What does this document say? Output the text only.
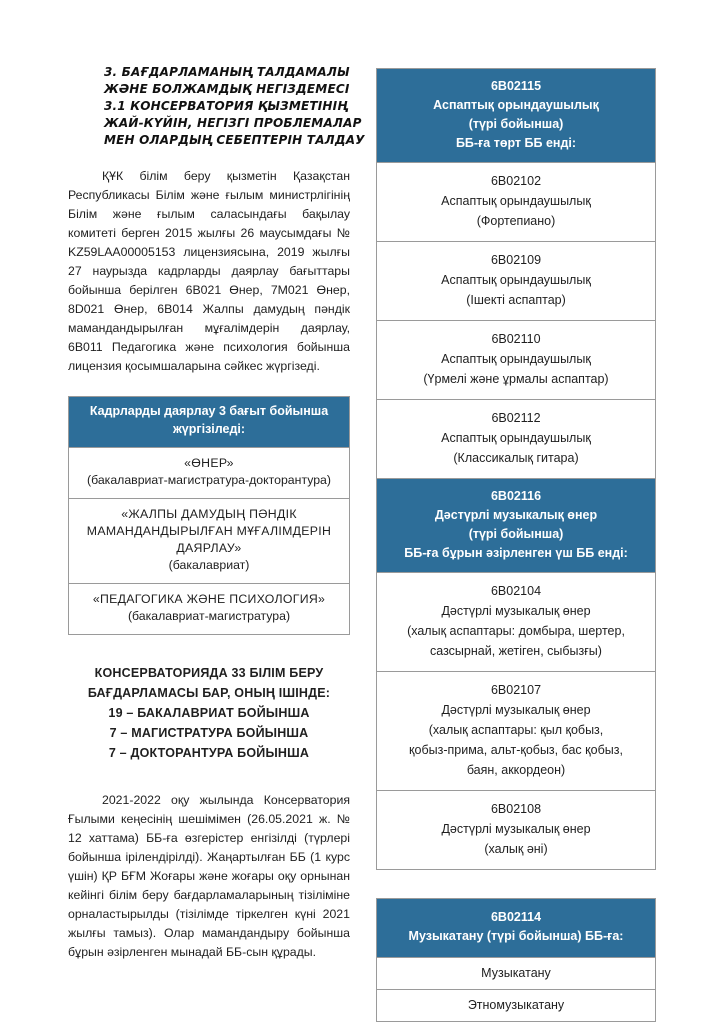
3. БАҒДАРЛАМАНЫҢ ТАЛДАМАЛЫ
ЖӘНЕ БОЛЖАМДЫҚ НЕГІЗДЕМЕСІ
3.1 КОНСЕРВАТОРИЯ ҚЫЗМЕТІНІҢ
ЖАЙ-КҮЙІН, НЕГІЗГІ ПРОБЛЕМАЛАР
МЕН ОЛАРДЫҢ СЕБЕПТЕРІН ТАЛДАУ

ҚҰК білім беру қызметін Қазақстан Республикасы Білім және ғылым министрлігінің Білім және ғылым саласындағы бақылау комитеті берген 2015 жылғы 26 маусымдағы № KZ59LAA00005153 лицензиясына, 2019 жылғы 27 наурызда кадрларды даярлау бағыттары бойынша берілген 6B021 Өнер, 7M021 Өнер, 8D021 Өнер, 6B014 Жалпы дамудың пәндік мамандандырылған мұғалімдерін даярлау, 6B011 Педагогика және психология бойынша лицензия қосымшаларына сәйкес жүргізеді.

Кадрларды даярлау 3 бағыт бойынша жүргізіледі:
«ӨНЕР»
(бакалавриат-магистратура-докторантура)
«ЖАЛПЫ ДАМУДЫҢ ПӘНДІК МАМАНДАНДЫРЫЛҒАН МҰҒАЛІМДЕРІН ДАЯРЛАУ»
(бакалавриат)
«ПЕДАГОГИКА ЖӘНЕ ПСИХОЛОГИЯ»
(бакалавриат-магистратура)
КОНСЕРВАТОРИЯДА 33 БІЛІМ БЕРУ
БАҒДАРЛАМАСЫ БАР, ОНЫҢ ІШІНДЕ:
19 – БАКАЛАВРИАТ БОЙЫНША
7 – МАГИСТРАТУРА БОЙЫНША
7 – ДОКТОРАНТУРА БОЙЫНША

2021-2022 оқу жылында Консерватория Ғылыми кеңесінің шешімімен (26.05.2021 ж. № 12 хаттама) ББ-ға өзгерістер енгізілді (түрлері бойынша ірілендірілді). Жаңартылған ББ (1 курс үшін) ҚР БҒМ Жоғары және жоғары оқу орнынан кейінгі білім беру бағдарламаларының тізіліміне орналастырылды (тізілімде тіркелген күні 2021 жылғы тамыз). Олар мамандандыру бойынша бұрын әзірленген мынадай ББ-сын құрады.

6B02115
Аспаптық орындаушылық
(түрі бойынша)
ББ-ға төрт ББ енді:
6B02102
Аспаптық орындаушылық
(Фортепиано)
6B02109
Аспаптық орындаушылық
(Ішекті аспаптар)
6B02110
Аспаптық орындаушылық
(Үрмелі және ұрмалы аспаптар)
6B02112
Аспаптық орындаушылық
(Классикалық гитара)
6B02116
Дәстүрлі музыкалық өнер
(түрі бойынша)
ББ-ға бұрын әзірленген үш ББ енді:
6B02104
Дәстүрлі музыкалық өнер
(халық аспаптары: домбыра, шертер,
сазсырнай, жетіген, сыбызғы)
6B02107
Дәстүрлі музыкалық өнер
(халық аспаптары: қыл қобыз,
қобыз-прима, альт-қобыз, бас қобыз,
баян, аккордеон)
6B02108
Дәстүрлі музыкалық өнер
(халық әні)
6B02114
Музыкатану (түрі бойынша) ББ-ға:
Музыкатану
Этномузыкатану
